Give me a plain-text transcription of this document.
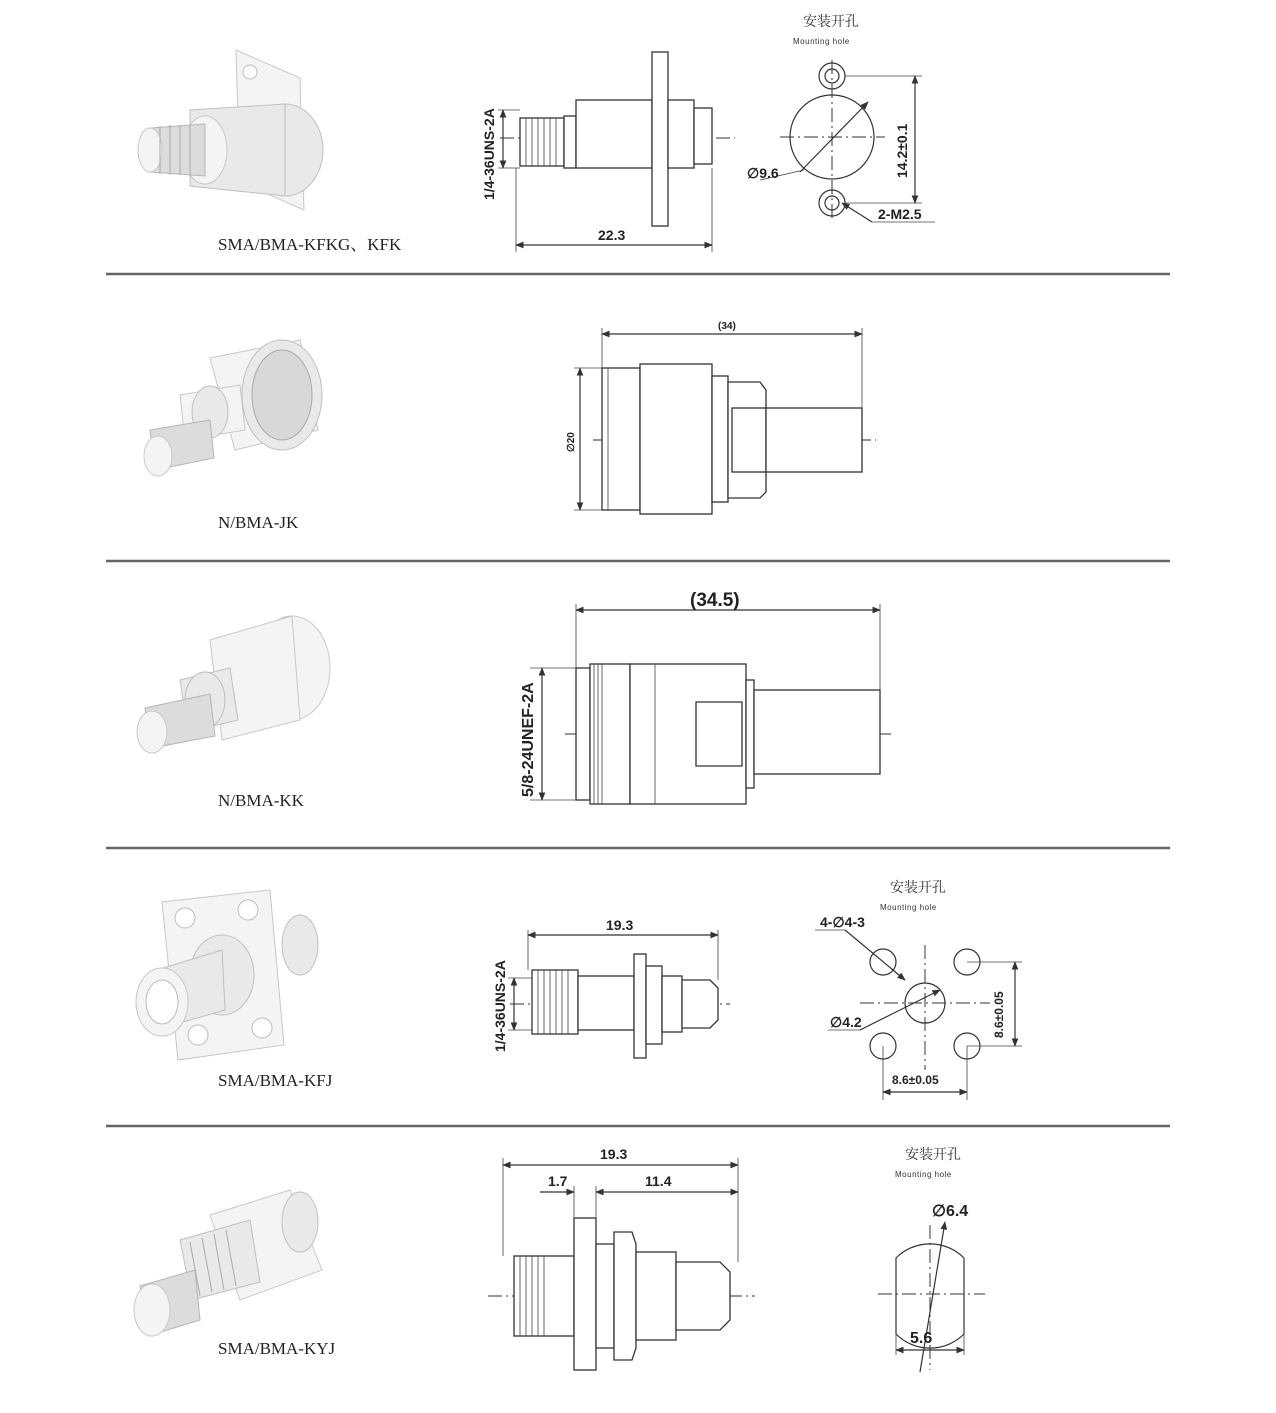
SMA/BMA-KFKG、KFK
1/4-36UNS-2A
22.3
安装开孔
Mounting hole
∅9.6	14.2±0.1
2-M2.5
N/BMA-JK
∅20
(34)
N/BMA-KK
5/8-24UNEF-2A
(34.5)
SMA/BMA-KFJ
1/4-36UNS-2A
19.3
安装开孔
Mounting hole
4-∅4-3
∅4.2	8.6±0.05
8.6±0.05
SMA/BMA-KYJ
19.3
1.7	11.4
安装开孔
Mounting hole
∅6.4
5.6
